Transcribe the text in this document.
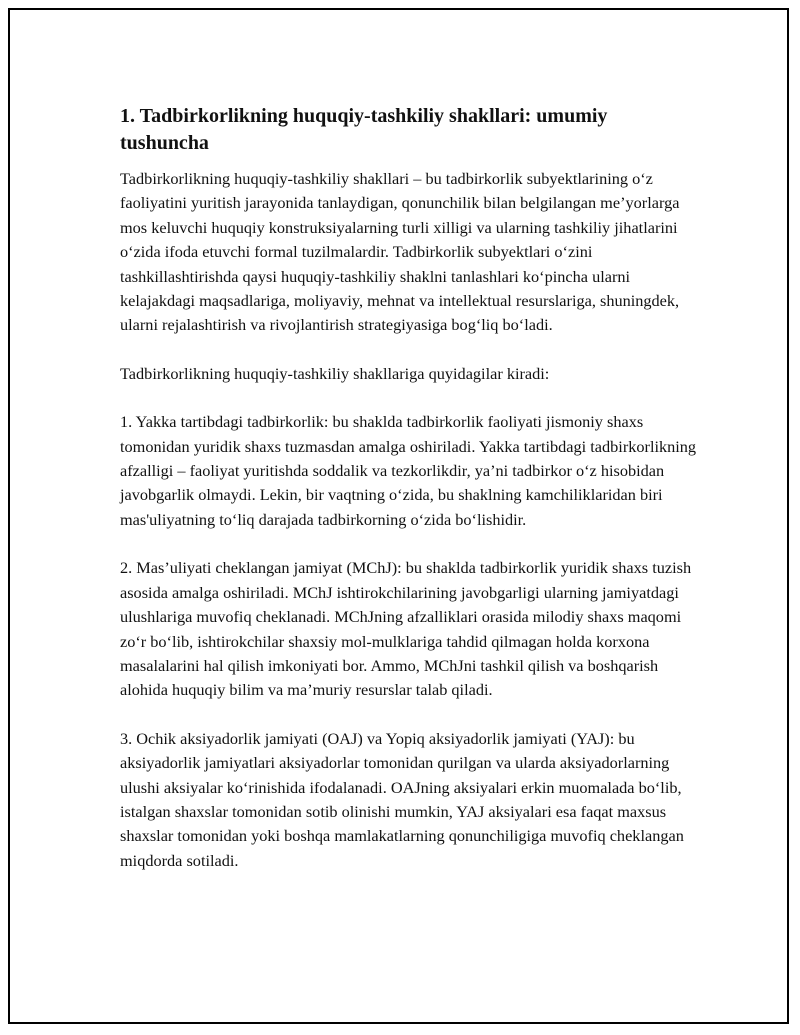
1. Tadbirkorlikning huquqiy-tashkiliy shakllari: umumiy tushuncha

Tadbirkorlikning huquqiy-tashkiliy shakllari – bu tadbirkorlik subyektlarining o‘z faoliyatini yuritish jarayonida tanlaydigan, qonunchilik bilan belgilangan me’yorlarga mos keluvchi huquqiy konstruksiyalarning turli xilligi va ularning tashkiliy jihatlarini o‘zida ifoda etuvchi formal tuzilmalardir. Tadbirkorlik subyektlari o‘zini tashkillashtirishda qaysi huquqiy-tashkiliy shaklni tanlashlari ko‘pincha ularni kelajakdagi maqsadlariga, moliyaviy, mehnat va intellektual resurslariga, shuningdek, ularni rejalashtirish va rivojlantirish strategiyasiga bog‘liq bo‘ladi.

Tadbirkorlikning huquqiy-tashkiliy shakllariga quyidagilar kiradi:

1. Yakka tartibdagi tadbirkorlik: bu shaklda tadbirkorlik faoliyati jismoniy shaxs tomonidan yuridik shaxs tuzmasdan amalga oshiriladi. Yakka tartibdagi tadbirkorlikning afzalligi – faoliyat yuritishda soddalik va tezkorlikdir, ya’ni tadbirkor o‘z hisobidan javobgarlik olmaydi. Lekin, bir vaqtning o‘zida, bu shaklning kamchiliklaridan biri mas'uliyatning to‘liq darajada tadbirkorning o‘zida bo‘lishidir.

2. Mas’uliyati cheklangan jamiyat (MChJ): bu shaklda tadbirkorlik yuridik shaxs tuzish asosida amalga oshiriladi. MChJ ishtirokchilarining javobgarligi ularning jamiyatdagi ulushlariga muvofiq cheklanadi. MChJning afzalliklari orasida milodiy shaxs maqomi zo‘r bo‘lib, ishtirokchilar shaxsiy mol-mulklariga tahdid qilmagan holda korxona masalalarini hal qilish imkoniyati bor. Ammo, MChJni tashkil qilish va boshqarish alohida huquqiy bilim va ma’muriy resurslar talab qiladi.

3. Ochik aksiyadorlik jamiyati (OAJ) va Yopiq aksiyadorlik jamiyati (YAJ): bu aksiyadorlik jamiyatlari aksiyadorlar tomonidan qurilgan va ularda aksiyadorlarning ulushi aksiyalar ko‘rinishida ifodalanadi. OAJning aksiyalari erkin muomalada bo‘lib, istalgan shaxslar tomonidan sotib olinishi mumkin, YAJ aksiyalari esa faqat maxsus shaxslar tomonidan yoki boshqa mamlakatlarning qonunchiligiga muvofiq cheklangan miqdorda sotiladi.
